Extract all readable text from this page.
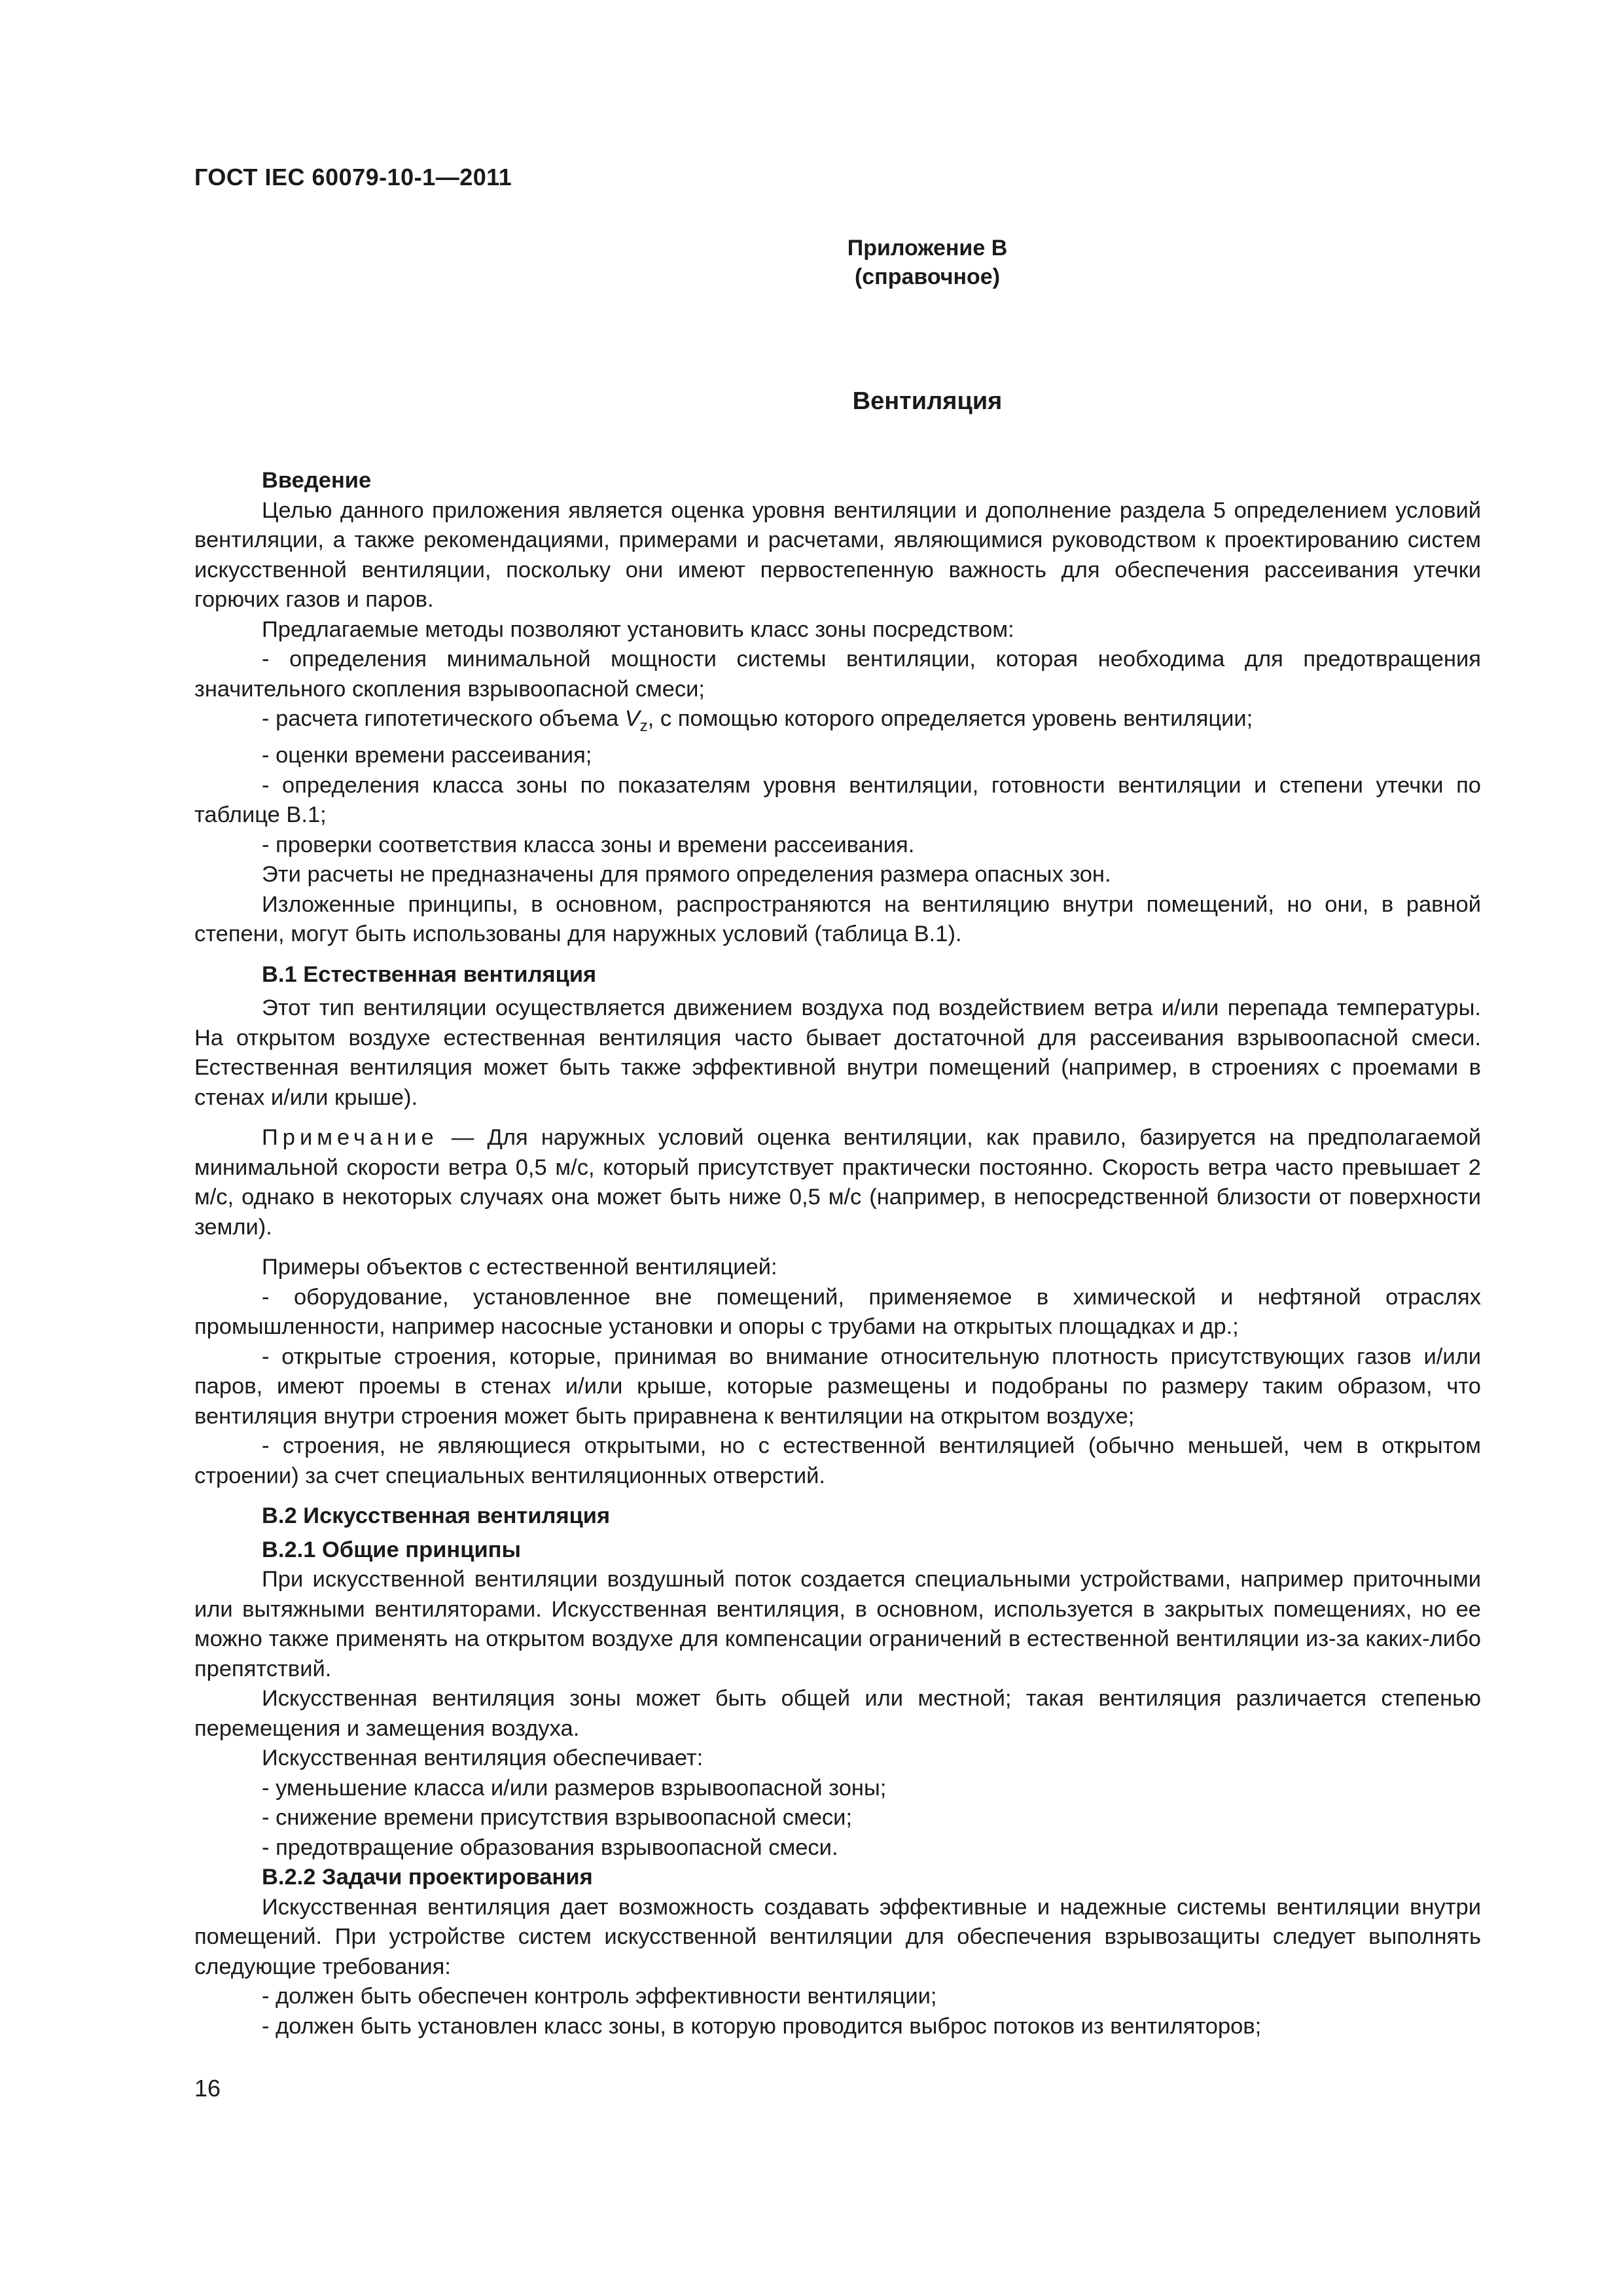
ГОСТ IEC 60079-10-1—2011
Приложение В
(справочное)
Вентиляция
Введение

Целью данного приложения является оценка уровня вентиляции и дополнение раздела 5 определением условий вентиляции, а также рекомендациями, примерами и расчетами, являющимися руководством к проектированию систем искусственной вентиляции, поскольку они имеют первостепенную важность для обеспечения рассеивания утечки горючих газов и паров.

Предлагаемые методы позволяют установить класс зоны посредством:

- определения минимальной мощности системы вентиляции, которая необходима для предотвращения значительного скопления взрывоопасной смеси;

- расчета гипотетического объема $V_z$, с помощью которого определяется уровень вентиляции;

- оценки времени рассеивания;

- определения класса зоны по показателям уровня вентиляции, готовности вентиляции и степени утечки по таблице В.1;

- проверки соответствия класса зоны и времени рассеивания.

Эти расчеты не предназначены для прямого определения размера опасных зон.

Изложенные принципы, в основном, распространяются на вентиляцию внутри помещений, но они, в равной степени, могут быть использованы для наружных условий (таблица В.1).

В.1 Естественная вентиляция

Этот тип вентиляции осуществляется движением воздуха под воздействием ветра и/или перепада температуры. На открытом воздухе естественная вентиляция часто бывает достаточной для рассеивания взрывоопасной смеси. Естественная вентиляция может быть также эффективной внутри помещений (например, в строениях с проемами в стенах и/или крыше).

Примечание — Для наружных условий оценка вентиляции, как правило, базируется на предполагаемой минимальной скорости ветра 0,5 м/с, который присутствует практически постоянно. Скорость ветра часто превышает 2 м/с, однако в некоторых случаях она может быть ниже 0,5 м/с (например, в непосредственной близости от поверхности земли).

Примеры объектов с естественной вентиляцией:

- оборудование, установленное вне помещений, применяемое в химической и нефтяной отраслях промышленности, например насосные установки и опоры с трубами на открытых площадках и др.;

- открытые строения, которые, принимая во внимание относительную плотность присутствующих газов и/или паров, имеют проемы в стенах и/или крыше, которые размещены и подобраны по размеру таким образом, что вентиляция внутри строения может быть приравнена к вентиляции на открытом воздухе;

- строения, не являющиеся открытыми, но с естественной вентиляцией (обычно меньшей, чем в открытом строении) за счет специальных вентиляционных отверстий.

В.2 Искусственная вентиляция
В.2.1 Общие принципы

При искусственной вентиляции воздушный поток создается специальными устройствами, например приточными или вытяжными вентиляторами. Искусственная вентиляция, в основном, используется в закрытых помещениях, но ее можно также применять на открытом воздухе для компенсации ограничений в естественной вентиляции из-за каких-либо препятствий.

Искусственная вентиляция зоны может быть общей или местной; такая вентиляция различается степенью перемещения и замещения воздуха.

Искусственная вентиляция обеспечивает:

- уменьшение класса и/или размеров взрывоопасной зоны;

- снижение времени присутствия взрывоопасной смеси;

- предотвращение образования взрывоопасной смеси.

В.2.2 Задачи проектирования

Искусственная вентиляция дает возможность создавать эффективные и надежные системы вентиляции внутри помещений. При устройстве систем искусственной вентиляции для обеспечения взрывозащиты следует выполнять следующие требования:

- должен быть обеспечен контроль эффективности вентиляции;

- должен быть установлен класс зоны, в которую проводится выброс потоков из вентиляторов;

16
